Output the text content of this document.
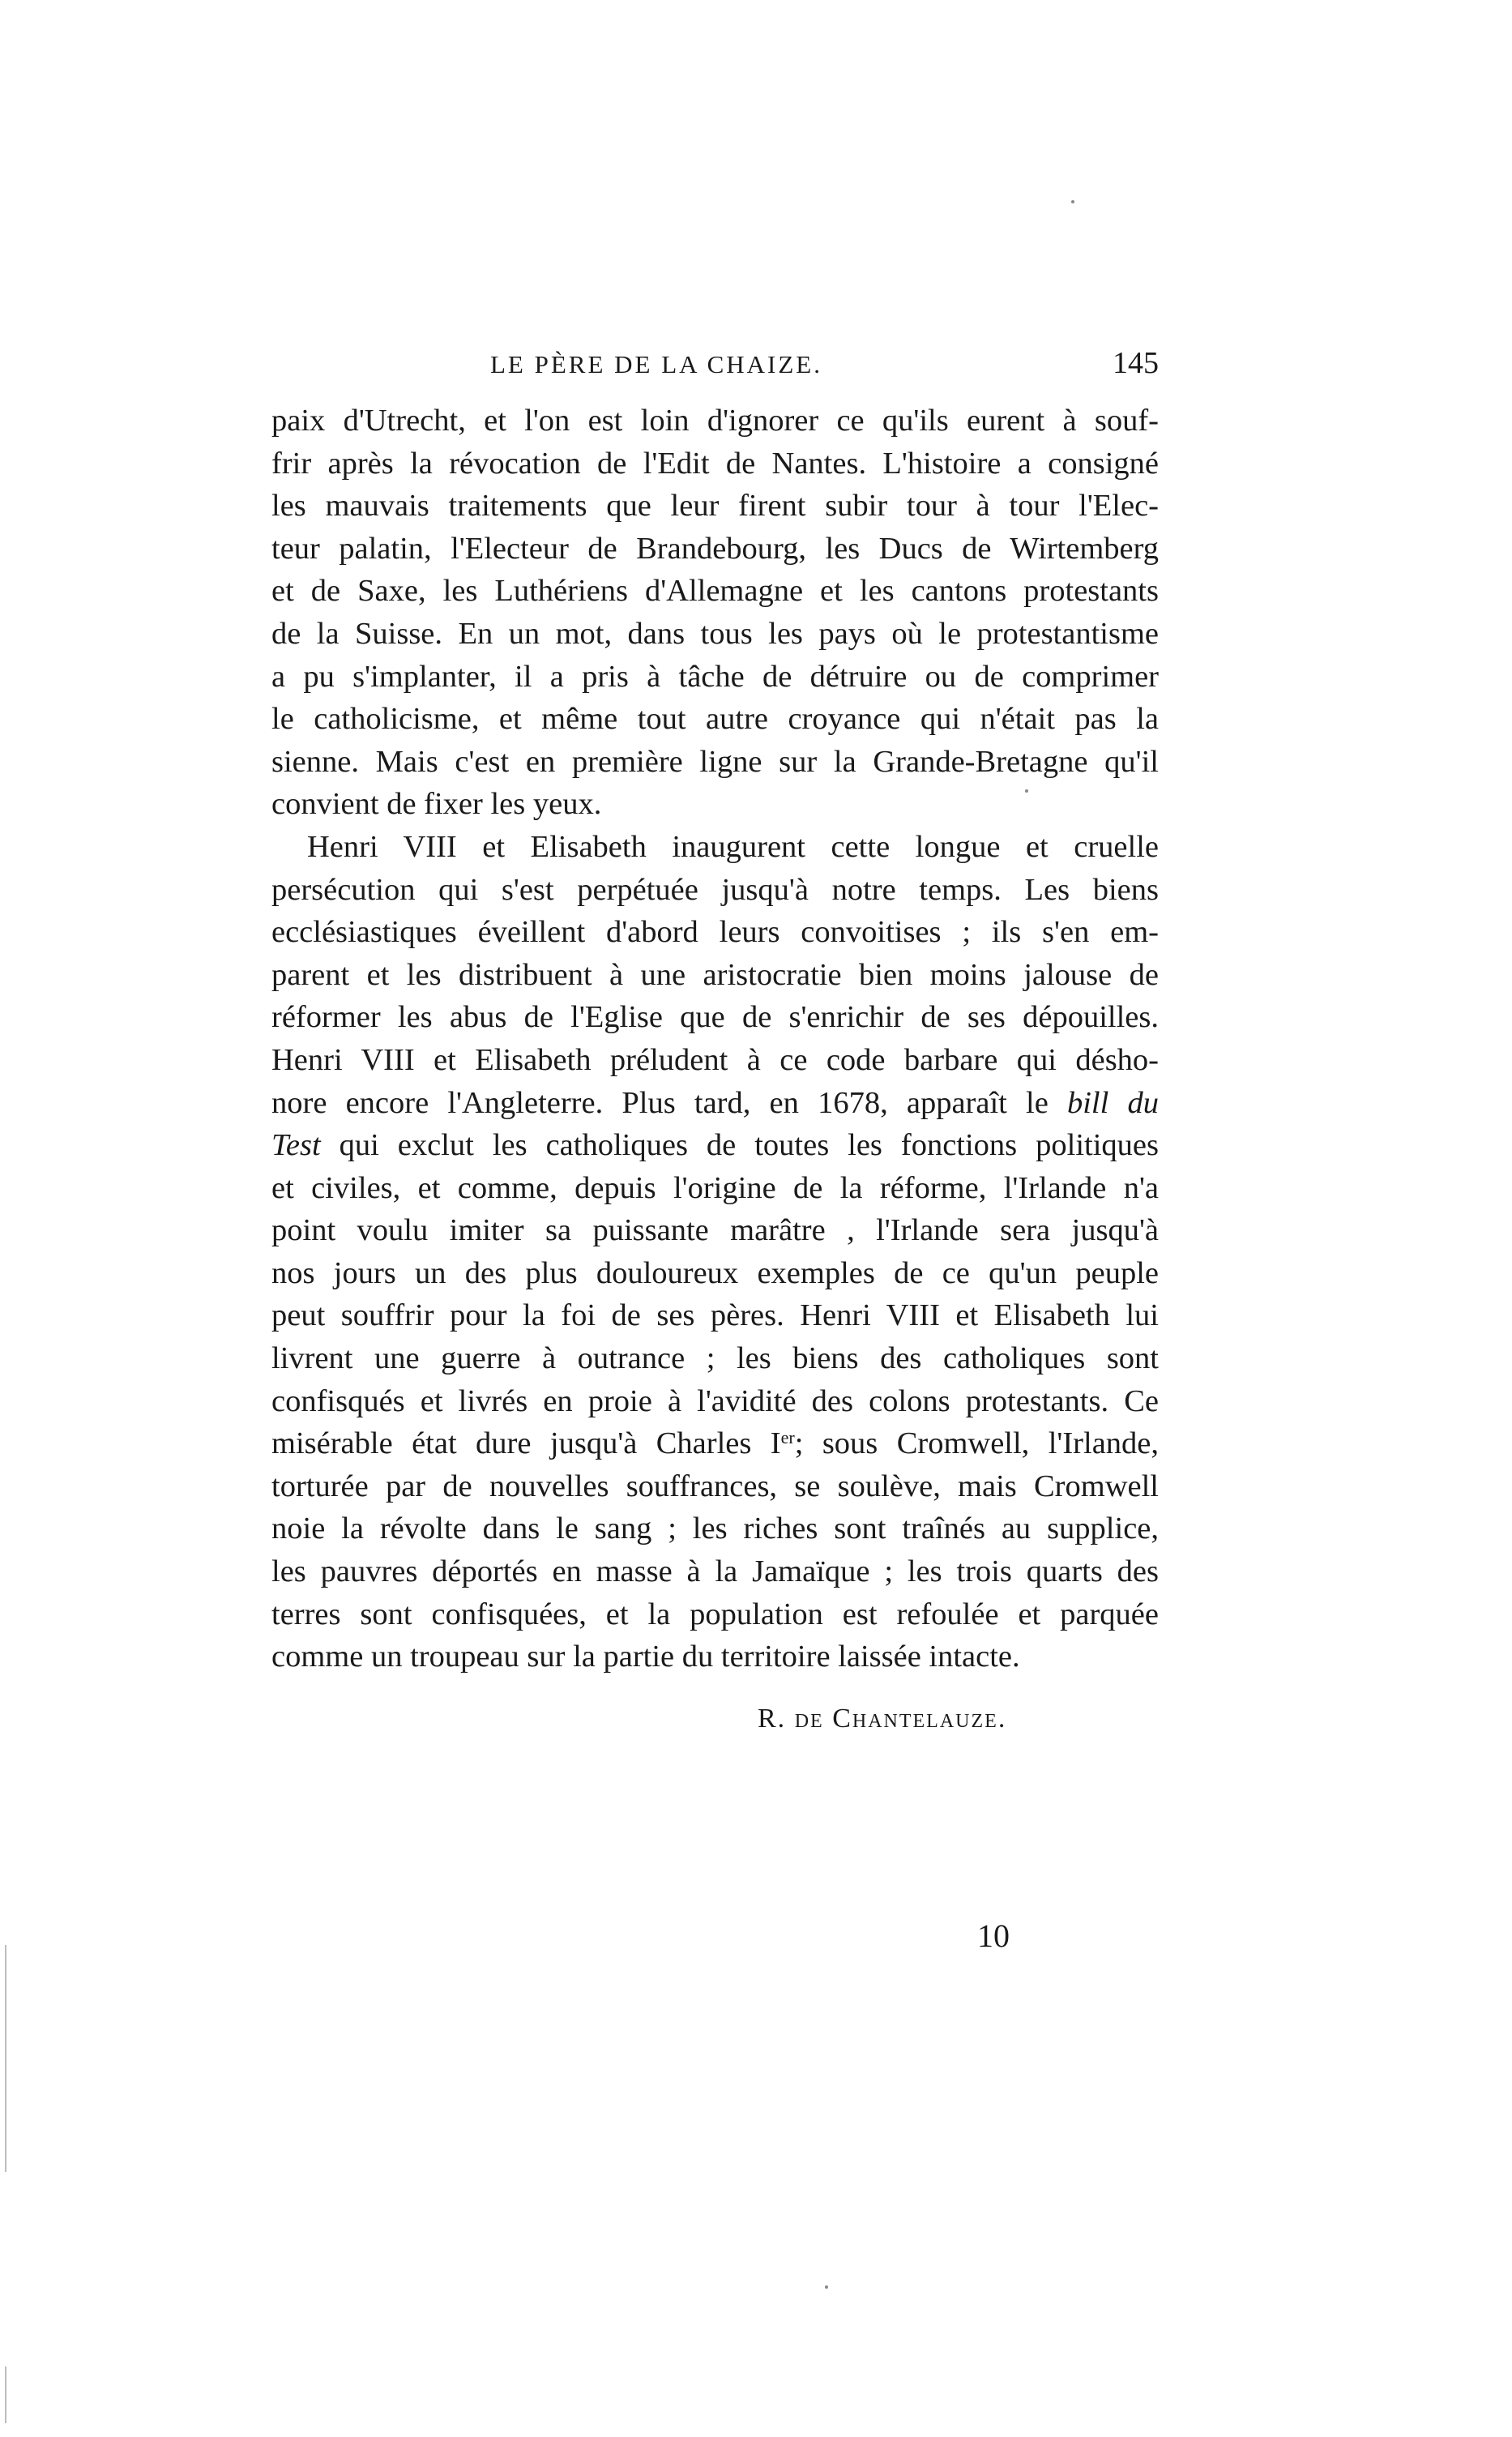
LE PÈRE DE LA CHAIZE.	145

paix d'Utrecht, et l'on est loin d'ignorer ce qu'ils eurent à souf-
frir après la révocation de l'Edit de Nantes. L'histoire a consigné
les mauvais traitements que leur firent subir tour à tour l'Elec-
teur palatin, l'Electeur de Brandebourg, les Ducs de Wirtemberg
et de Saxe, les Luthériens d'Allemagne et les cantons protestants
de la Suisse. En un mot, dans tous les pays où le protestantisme
a pu s'implanter, il a pris à tâche de détruire ou de comprimer
le catholicisme, et même tout autre croyance qui n'était pas la
sienne. Mais c'est en première ligne sur la Grande-Bretagne qu'il
convient de fixer les yeux.

Henri VIII et Elisabeth inaugurent cette longue et cruelle
persécution qui s'est perpétuée jusqu'à notre temps. Les biens
ecclésiastiques éveillent d'abord leurs convoitises ; ils s'en em-
parent et les distribuent à une aristocratie bien moins jalouse de
réformer les abus de l'Eglise que de s'enrichir de ses dépouilles.
Henri VIII et Elisabeth préludent à ce code barbare qui désho-
nore encore l'Angleterre. Plus tard, en 1678, apparaît le bill du
Test qui exclut les catholiques de toutes les fonctions politiques
et civiles, et comme, depuis l'origine de la réforme, l'Irlande n'a
point voulu imiter sa puissante marâtre , l'Irlande sera jusqu'à
nos jours un des plus douloureux exemples de ce qu'un peuple
peut souffrir pour la foi de ses pères. Henri VIII et Elisabeth lui
livrent une guerre à outrance ; les biens des catholiques sont
confisqués et livrés en proie à l'avidité des colons protestants. Ce
misérable état dure jusqu'à Charles Ier; sous Cromwell, l'Irlande,
torturée par de nouvelles souffrances, se soulève, mais Cromwell
noie la révolte dans le sang ; les riches sont traînés au supplice,
les pauvres déportés en masse à la Jamaïque ; les trois quarts des
terres sont confisquées, et la population est refoulée et parquée
comme un troupeau sur la partie du territoire laissée intacte.

R. de Chantelauze.
10
